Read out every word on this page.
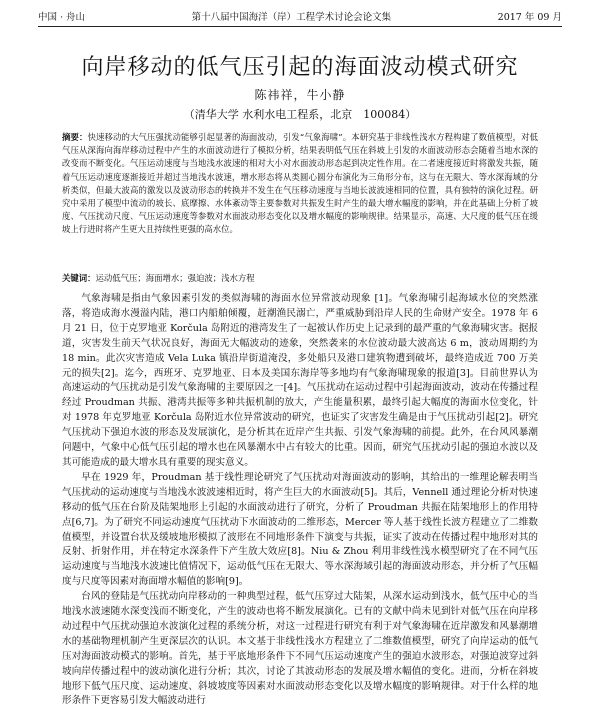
中国 · 舟山	第十八届中国海洋（岸）工程学术讨论会论文集	2017 年 09 月
向岸移动的低气压引起的海面波动模式研究
陈祎祥，牛小静
（清华大学 水利水电工程系，北京　100084）
摘要：快速移动的大气压强扰动能够引起显著的海面波动，引发“气象海啸”。本研究基于非线性浅水方程构建了数值模型，对低气压从深海向海岸移动过程中产生的水面波动进行了模拟分析，结果表明低气压在斜坡上引发的水面波动形态会随着当地水深的改变而不断变化。气压运动速度与当地浅水波速的相对大小对水面波动形态起到决定性作用。在二者速度接近时将激发共振，随着气压运动速度逐渐接近并超过当地浅水波速，增水形态将从类圆心圆分布演化为三角形分布，这与在无限大、等水深海域的分析类似，但最大波高的激发以及波动形态的转换并不发生在气压移动速度与当地长波波速相同的位置，具有独特的演化过程。研究中采用了模型中流动的坡长、底摩擦、水体紊动等主要参数对共振发生时产生的最大增水幅度的影响，并在此基础上分析了坡度、气压扰动尺度、气压运动速度等参数对水面波动形态变化以及增水幅度的影响规律。结果显示，高速、大尺度的低气压在缓坡上行进时将产生更大且持续性更强的高水位。
关键词：运动低气压；海面增水；强迫波；浅水方程

气象海啸是指由气象因素引发的类似海啸的海面水位异常波动现象 [1]。气象海啸引起海域水位的突然涨落，将造成海水漫溢内陆，港口内船舶倾覆，赶潮渔民溺亡，严重威胁到沿岸人民的生命财产安全。1978 年 6 月 21 日，位于克罗地亚 Korčula 岛附近的港湾发生了一起被认作历史上记录到的最严重的气象海啸灾害。据报道，灾害发生前天气状况良好，海面无大幅波动的迹象，突然袭来的水位波动最大波高达 6 m，波动周期约为 18 min。此次灾害造成 Vela Luka 镇沿岸街道淹没，多处船只及港口建筑物遭到破坏，最终造成近 700 万美元的损失[2]。迄今，西班牙、克罗地亚、日本及美国东海岸等多地均有气象海啸现象的报道[3]。目前世界认为高速运动的气压扰动是引发气象海啸的主要原因之一[4]。气压扰动在运动过程中引起海面波动，波动在传播过程经过 Proudman 共振、港湾共振等多种共振机制的放大，产生能量积累，最终引起大幅度的海面水位变化，针对 1978 年克罗地亚 Korčula 岛附近水位异常波动的研究，也证实了灾害发生确是由于气压扰动引起[2]。研究气压扰动下强迫水波的形态及发展演化，是分析其在近岸产生共振、引发气象海啸的前提。此外，在台风风暴潮问题中，气象中心低气压引起的增水也在风暴潮水中占有较大的比重。因而，研究气压扰动引起的强迫水波以及其可能造成的最大增水具有重要的现实意义。

早在 1929 年，Proudman 基于线性理论研究了气压扰动对海面波动的影响，其给出的一维理论解表明当气压扰动的运动速度与当地浅水波波速相近时，将产生巨大的水面波动[5]。其后，Vennell 通过理论分析对快速移动的低气压在台阶及陆架地形上引起的水面波动进行了研究，分析了 Proudman 共振在陆架地形上的作用特点[6,7]。为了研究不同运动速度气压扰动下水面波动的二维形态，Mercer 等人基于线性长波方程建立了二维数值模型，并设置台状及缓坡地形模拟了波形在不同地形条件下演变与共振，证实了波动在传播过程中地形对其的反射、折射作用，并在特定水深条件下产生放大效应[8]。Niu & Zhou 利用非线性浅水模型研究了在不同气压运动速度与当地浅水波速比值情况下，运动低气压在无限大、等水深海域引起的海面波动形态，并分析了气压幅度与尺度等因素对海面增水幅值的影响[9]。

台风的登陆是气压扰动向岸移动的一种典型过程，低气压穿过大陆架，从深水运动到浅水，低气压中心的当地浅水波速随水深变浅而不断变化，产生的波动也将不断发展演化。已有的文献中尚未见到针对低气压在向岸移动过程中气压扰动强迫水波演化过程的系统分析，对这一过程进行研究有利于对气象海啸在近岸激发和风暴潮增水的基础物理机制产生更深层次的认识。本文基于非线性浅水方程建立了二维数值模型，研究了向岸运动的低气压对海面波动模式的影响。首先，基于平底地形条件下不同气压运动速度产生的强迫水波形态，对强迫波穿过斜坡向岸传播过程中的波动演化进行分析；其次，讨论了其波动形态的发展及增水幅值的变化。进而，分析在斜坡地形下低气压尺度、运动速度、斜坡坡度等因素对水面波动形态变化以及增水幅度的影响规律。对于什么样的地形条件下更容易引发大幅波动进行
